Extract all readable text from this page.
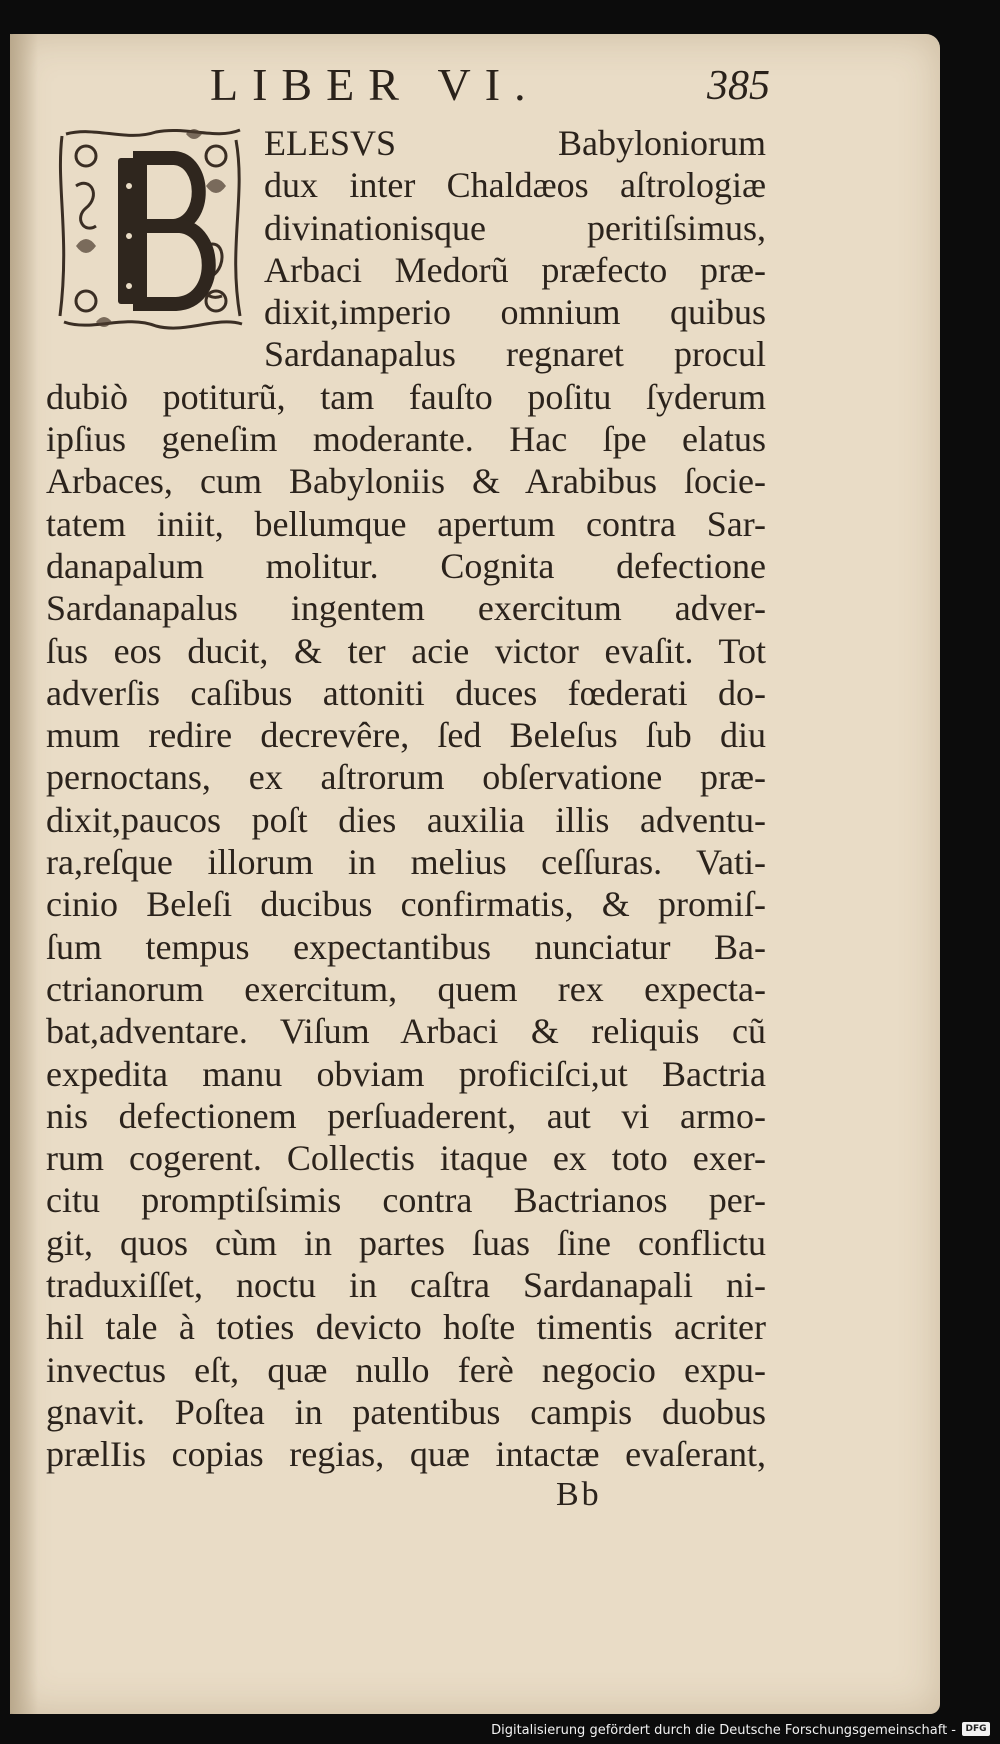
LIBER VI.	385
ELESVS Babyloniorum
dux inter Chaldæos aſtrologiæ
divinationisque peritiſsimus,
Arbaci Medorũ præfecto præ-
dixit,imperio omnium quibus
Sardanapalus regnaret procul
dubiò potiturũ, tam fauſto poſitu ſyderum
ipſius geneſim moderante. Hac ſpe elatus
Arbaces, cum Babyloniis & Arabibus ſocie-
tatem iniit, bellumque apertum contra Sar-
danapalum molitur. Cognita defectione
Sardanapalus ingentem exercitum adver-
ſus eos ducit, & ter acie victor evaſit. Tot
adverſis caſibus attoniti duces fœderati do-
mum redire decrevêre, ſed Beleſus ſub diu
pernoctans, ex aſtrorum obſervatione præ-
dixit,paucos poſt dies auxilia illis adventu-
ra,reſque illorum in melius ceſſuras. Vati-
cinio Beleſi ducibus confirmatis, & promiſ-
ſum tempus expectantibus nunciatur Ba-
ctrianorum exercitum, quem rex expecta-
bat,adventare. Viſum Arbaci & reliquis cũ
expedita manu obviam proficiſci,ut Bactria
nis defectionem perſuaderent, aut vi armo-
rum cogerent. Collectis itaque ex toto exer-
citu promptiſsimis contra Bactrianos per-
git, quos cùm in partes ſuas ſine conflictu
traduxiſſet, noctu in caſtra Sardanapali ni-
hil tale à toties devicto hoſte timentis acriter
invectus eſt, quæ nullo ferè negocio expu-
gnavit. Poſtea in patentibus campis duobus
prælIis copias regias, quæ intactæ evaſerant,
Bb
Digitalisierung gefördert durch die Deutsche Forschungsgemeinschaft -	DFG
